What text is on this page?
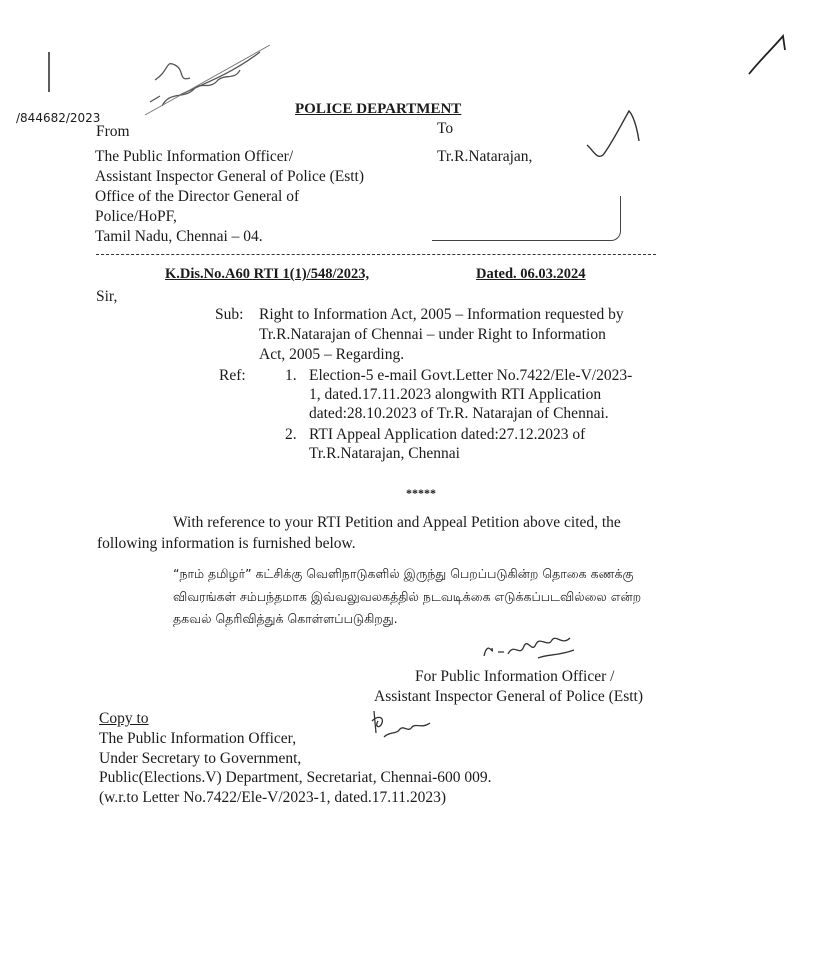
/844682/2023
POLICE DEPARTMENT
From	To
The Public Information Officer/
Assistant Inspector General of Police (Estt)
Office of the Director General of
Police/HoPF,
Tamil Nadu, Chennai – 04.
Tr.R.Natarajan,
K.Dis.No.A60 RTI 1(1)/548/2023,	Dated. 06.03.2024
Sir,
Sub: Right to Information Act, 2005 – Information requested by
Tr.R.Natarajan of Chennai – under Right to Information
Act, 2005 – Regarding.
Ref:	1. Election-5 e-mail Govt.Letter No.7422/Ele-V/2023-
1, dated.17.11.2023 alongwith RTI Application
dated:28.10.2023 of Tr.R. Natarajan of Chennai.
2. RTI Appeal Application dated:27.12.2023 of
Tr.R.Natarajan, Chennai
*****
With reference to your RTI Petition and Appeal Petition above cited, the
following information is furnished below.
“நாம் தமிழர்” கட்சிக்கு வெளிநாடுகளில் இருந்து பெறப்படுகின்ற தொகை கணக்கு
விவரங்கள் சம்பந்தமாக இவ்வலுவலகத்தில் நடவடிக்கை எடுக்கப்படவில்லை என்ற
தகவல் தெரிவித்துக் கொள்ளப்படுகிறது.
For Public Information Officer /
Assistant Inspector General of Police (Estt)
Copy to
The Public Information Officer,
Under Secretary to Government,
Public(Elections.V) Department, Secretariat, Chennai-600 009.
(w.r.to Letter No.7422/Ele-V/2023-1, dated.17.11.2023)
